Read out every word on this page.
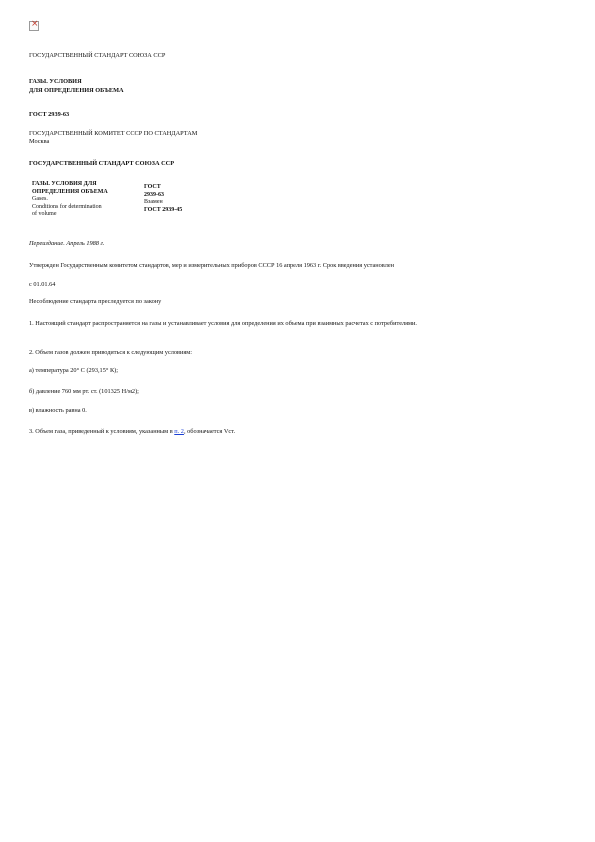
×
ГОСУДАРСТВЕННЫЙ СТАНДАРТ СОЮЗА ССР
ГАЗЫ. УСЛОВИЯ
ДЛЯ ОПРЕДЕЛЕНИЯ ОБЪЕМА
ГОСТ 2939-63
ГОСУДАРСТВЕННЫЙ КОМИТЕТ СССР ПО СТАНДАРТАМ
Москва
ГОСУДАРСТВЕННЫЙ СТАНДАРТ СОЮЗА ССР
ГАЗЫ. УСЛОВИЯ ДЛЯ
ОПРЕДЕЛЕНИЯ ОБЪЕМА
Gases.
Conditions for determination
of volume

ГОСТ
2939-63
Взамен
ГОСТ 2939-45
Переиздание. Апрель 1988 г.
Утвержден Государственным комитетом стандартов, мер и измерительных приборов СССР 16 апреля 1963 г. Срок введения установлен
с 01.01.64
Несоблюдение стандарта преследуется по закону
1. Настоящий стандарт распространяется на газы и устанавливает условия для определения их объема при взаимных расчетах с потребителями.
2. Объем газов должен приводиться к следующим условиям:
а) температура 20° С (293,15° К);
б) давление 760 мм рт. ст. (101325 Н/м2);
в) влажность равна 0.
3. Объем газа, приведенный к условиям, указанным в п. 2, обозначается Vст.
